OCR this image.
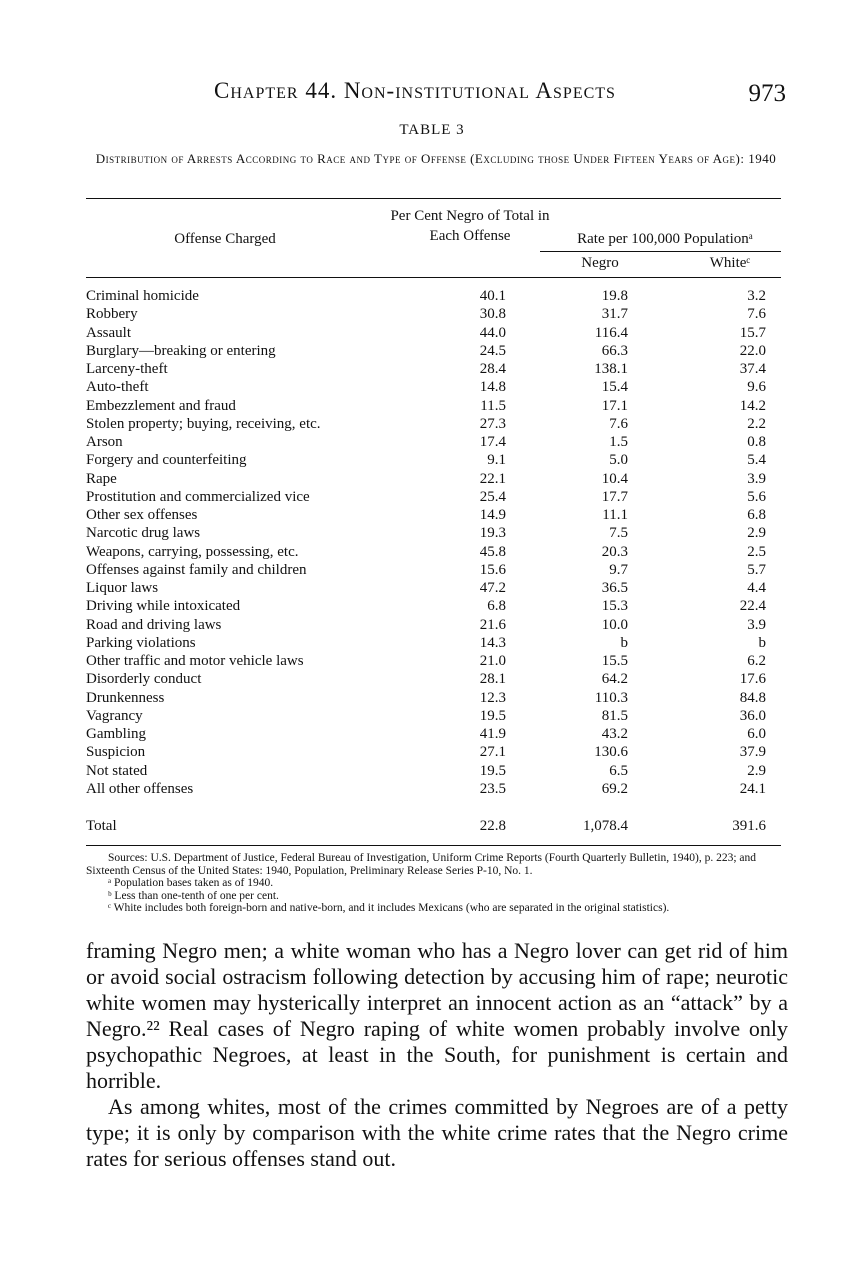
Chapter 44. Non-institutional Aspects	973
TABLE 3
Distribution of Arrests According to Race and Type of Offense (Excluding those Under Fifteen Years of Age): 1940
Offense Charged
Per Cent Negro of Total in Each Offense	Rate per 100,000 Populationᵃ
Negro	Whiteᶜ
Criminal homicide	40.1	19.8	3.2
Robbery	30.8	31.7	7.6
Assault	44.0	116.4	15.7
Burglary—breaking or entering	24.5	66.3	22.0
Larceny-theft	28.4	138.1	37.4
Auto-theft	14.8	15.4	9.6
Embezzlement and fraud	11.5	17.1	14.2
Stolen property; buying, receiving, etc.	27.3	7.6	2.2
Arson	17.4	1.5	0.8
Forgery and counterfeiting	9.1	5.0	5.4
Rape	22.1	10.4	3.9
Prostitution and commercialized vice	25.4	17.7	5.6
Other sex offenses	14.9	11.1	6.8
Narcotic drug laws	19.3	7.5	2.9
Weapons, carrying, possessing, etc.	45.8	20.3	2.5
Offenses against family and children	15.6	9.7	5.7
Liquor laws	47.2	36.5	4.4
Driving while intoxicated	6.8	15.3	22.4
Road and driving laws	21.6	10.0	3.9
Parking violations	14.3	b	b
Other traffic and motor vehicle laws	21.0	15.5	6.2
Disorderly conduct	28.1	64.2	17.6
Drunkenness	12.3	110.3	84.8
Vagrancy	19.5	81.5	36.0
Gambling	41.9	43.2	6.0
Suspicion	27.1	130.6	37.9
Not stated	19.5	6.5	2.9
All other offenses	23.5	69.2	24.1
Total	22.8	1,078.4	391.6

Sources: U.S. Department of Justice, Federal Bureau of Investigation, Uniform Crime Reports (Fourth Quarterly Bulletin, 1940), p. 223; and Sixteenth Census of the United States: 1940, Population, Preliminary Release Series P-10, No. 1.

ᵃ Population bases taken as of 1940.

ᵇ Less than one-tenth of one per cent.

ᶜ White includes both foreign-born and native-born, and it includes Mexicans (who are separated in the original statistics).

framing Negro men; a white woman who has a Negro lover can get rid of him or avoid social ostracism following detection by accusing him of rape; neurotic white women may hysterically interpret an innocent action as an “attack” by a Negro.²² Real cases of Negro raping of white women probably involve only psychopathic Negroes, at least in the South, for punishment is certain and horrible.

As among whites, most of the crimes committed by Negroes are of a petty type; it is only by comparison with the white crime rates that the Negro crime rates for serious offenses stand out.
